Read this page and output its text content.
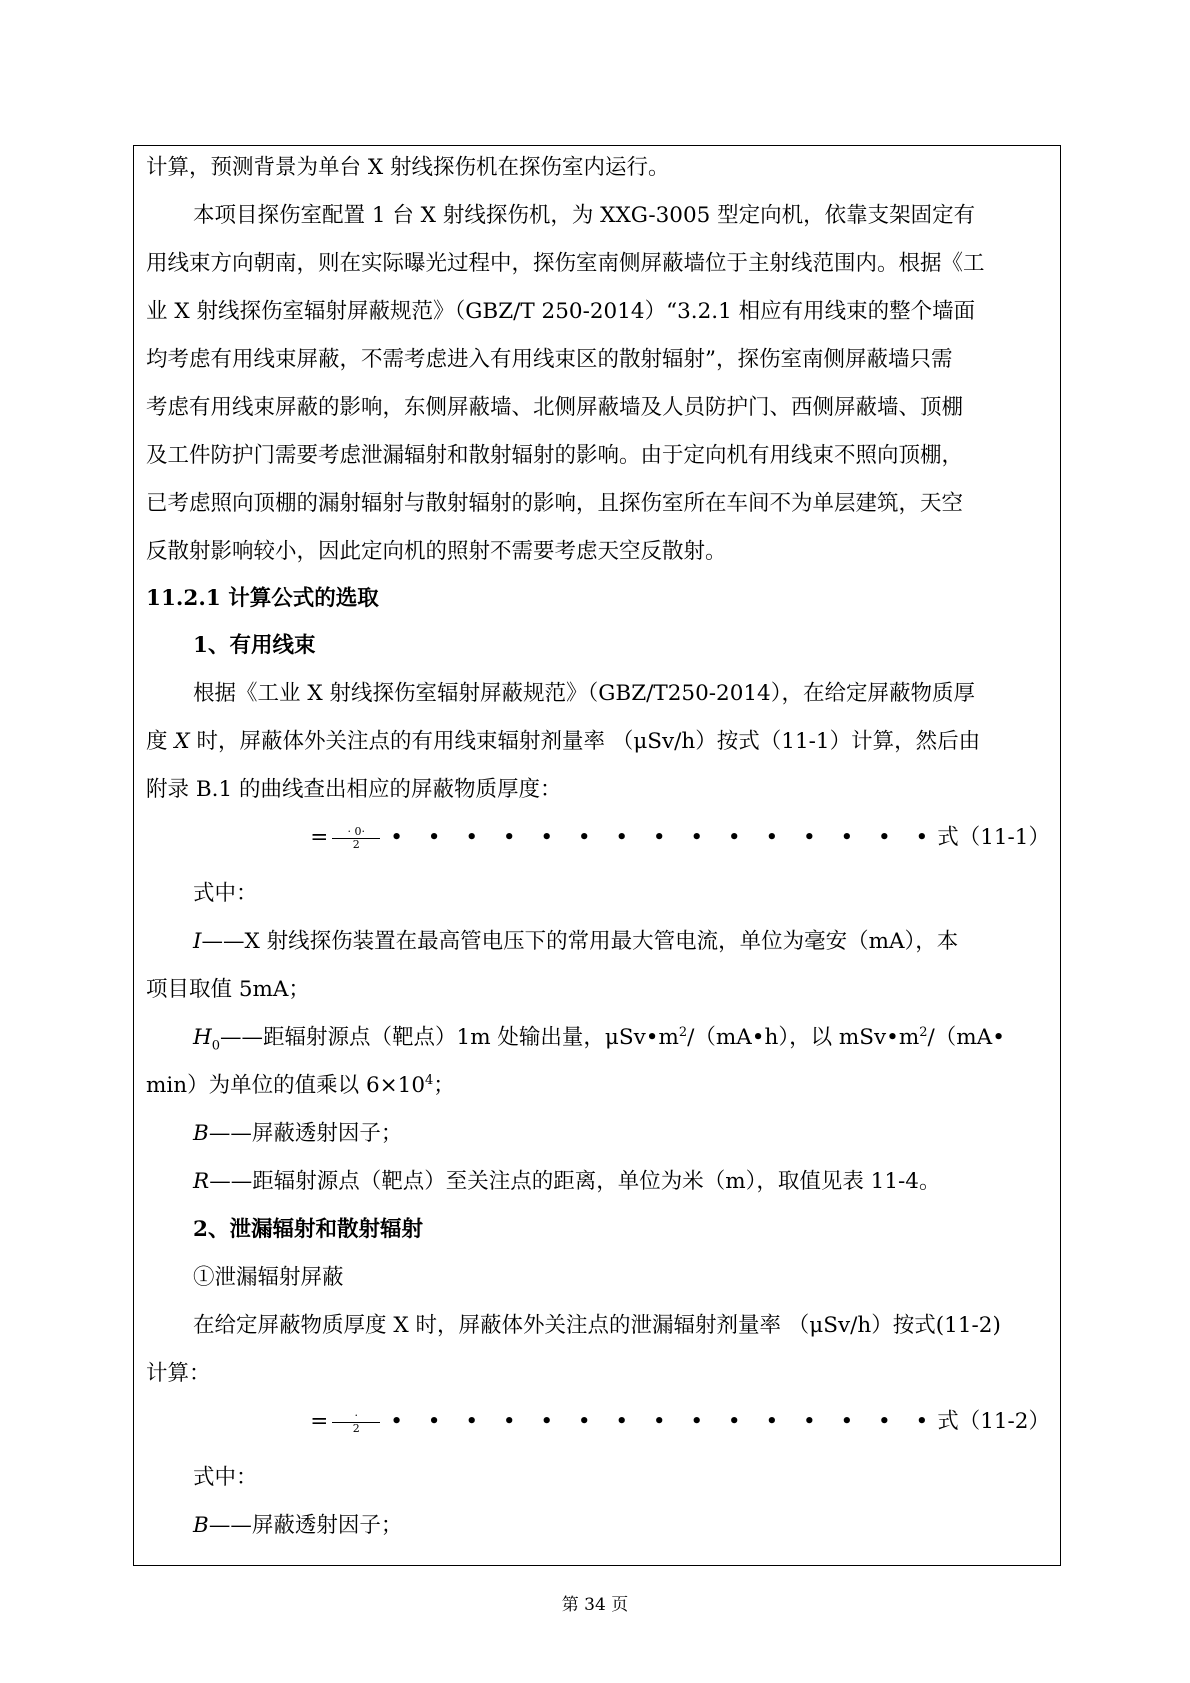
计算，预测背景为单台 X 射线探伤机在探伤室内运行。
本项目探伤室配置 1 台 X 射线探伤机，为 XXG-3005 型定向机，依靠支架固定有
用线束方向朝南，则在实际曝光过程中，探伤室南侧屏蔽墙位于主射线范围内。根据《工
业 X 射线探伤室辐射屏蔽规范》（GBZ/T 250-2014）“3.2.1 相应有用线束的整个墙面
均考虑有用线束屏蔽，不需考虑进入有用线束区的散射辐射”，探伤室南侧屏蔽墙只需
考虑有用线束屏蔽的影响，东侧屏蔽墙、北侧屏蔽墙及人员防护门、西侧屏蔽墙、顶棚
及工件防护门需要考虑泄漏辐射和散射辐射的影响。由于定向机有用线束不照向顶棚，
已考虑照向顶棚的漏射辐射与散射辐射的影响，且探伤室所在车间不为单层建筑，天空
反散射影响较小，因此定向机的照射不需要考虑天空反散射。
11.2.1 计算公式的选取
1、有用线束
根据《工业 X 射线探伤室辐射屏蔽规范》（GBZ/T250-2014），在给定屏蔽物质厚
度 X 时，屏蔽体外关注点的有用线束辐射剂量率 （μSv/h）按式（11-1）计算，然后由
附录 B.1 的曲线查出相应的屏蔽物质厚度：
= $\frac{\cdot 0\cdot}{2}$ • • • • • • • • • • • • • • • 式（11-1）
式中：
I——X 射线探伤装置在最高管电压下的常用最大管电流，单位为毫安（mA），本
项目取值 5mA；
$H_0——$距辐射源点（靶点）1m 处输出量，$\mu Sv•m^2/(mA•h)$，以 $mSv•m^2/(mA•$
min）为单位的值乘以 $6\times 10^4$；
B——屏蔽透射因子；
R——距辐射源点（靶点）至关注点的距离，单位为米（m），取值见表 11-4。
2、泄漏辐射和散射辐射
①泄漏辐射屏蔽
在给定屏蔽物质厚度 X 时，屏蔽体外关注点的泄漏辐射剂量率 （μSv/h）按式(11-2)
计算：
= $\frac{\cdot}{2}$ • • • • • • • • • • • • • • • 式（11-2）
式中：
B——屏蔽透射因子；
第 34 页
